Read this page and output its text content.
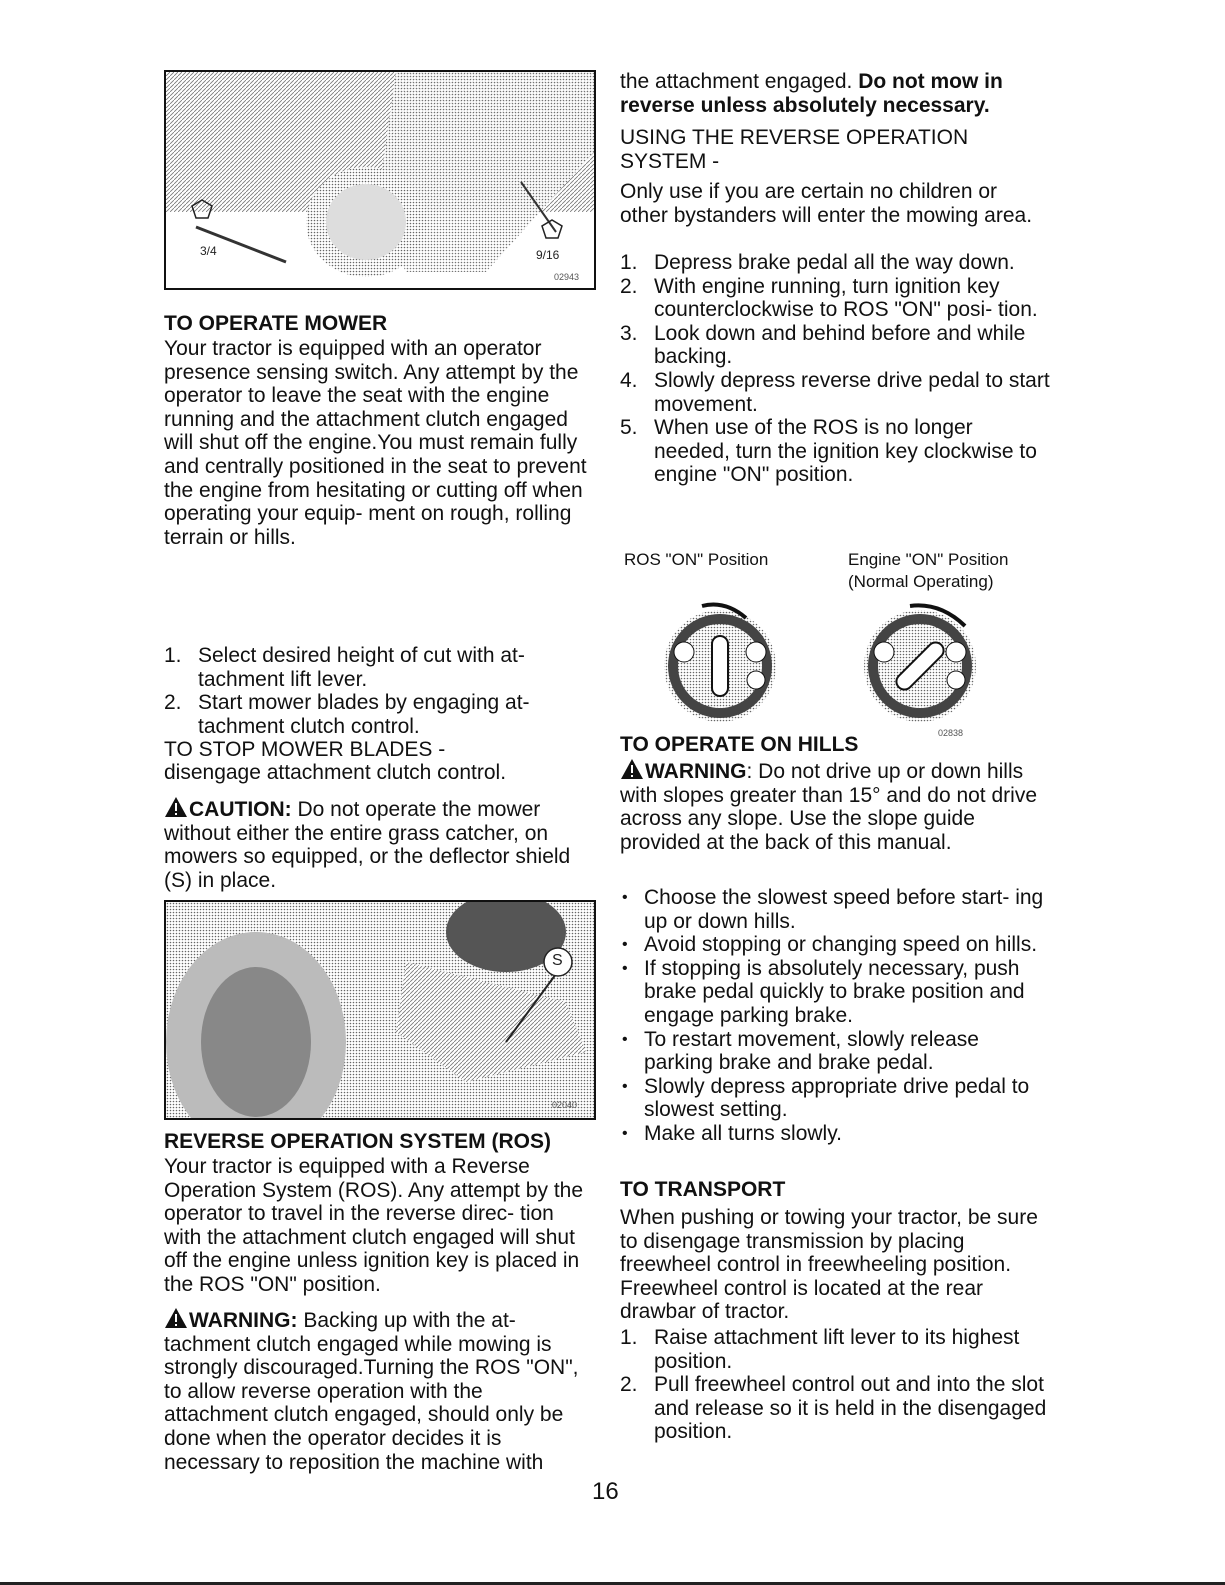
9/16
3/4
02943
TO OPERATE MOWER

Your tractor is equipped with an operator presence sensing switch. Any attempt by the operator to leave the seat with the engine running and the attachment clutch engaged will shut off the engine.You must remain fully and centrally positioned in the seat to prevent the engine from hesitating or cutting off when operating your equip- ment on rough, rolling terrain or hills.

1. Select desired height of cut with at- tachment lift lever.
2. Start mower blades by engaging at- tachment clutch control.

TO STOP MOWER BLADES -

disengage attachment clutch control.

CAUTION: Do not operate the mower without either the entire grass catcher, on mowers so equipped, or the deflector shield (S) in place.

S
02040
REVERSE OPERATION SYSTEM (ROS)

Your tractor is equipped with a Reverse Operation System (ROS). Any attempt by the operator to travel in the reverse direc- tion with the attachment clutch engaged will shut off the engine unless ignition key is placed in the ROS "ON" position.

WARNING: Backing up with the at- tachment clutch engaged while mowing is strongly discouraged.Turning the ROS "ON", to allow reverse operation with the attachment clutch engaged, should only be done when the operator decides it is necessary to reposition the machine with

the attachment engaged. Do not mow in reverse unless absolutely necessary.

USING THE REVERSE OPERATION SYSTEM -

Only use if you are certain no children or other bystanders will enter the mowing area.

1. Depress brake pedal all the way down.
2. With engine running, turn ignition key counterclockwise to ROS "ON" posi- tion.
3. Look down and behind before and while backing.
4. Slowly depress reverse drive pedal to start movement.
5. When use of the ROS is no longer needed, turn the ignition key clockwise to engine "ON" position.
ROS "ON" Position	Engine "ON" Position
(Normal Operating)
02838
TO OPERATE ON HILLS

WARNING: Do not drive up or down hills with slopes greater than 15° and do not drive across any slope. Use the slope guide provided at the back of this manual.

• Choose the slowest speed before start- ing up or down hills.
• Avoid stopping or changing speed on hills.
• If stopping is absolutely necessary, push brake pedal quickly to brake position and engage parking brake.
• To restart movement, slowly release parking brake and brake pedal.
• Slowly depress appropriate drive pedal to slowest setting.
• Make all turns slowly.
TO TRANSPORT

When pushing or towing your tractor, be sure to disengage transmission by placing freewheel control in freewheeling position. Freewheel control is located at the rear drawbar of tractor.

1. Raise attachment lift lever to its highest position.
2. Pull freewheel control out and into the slot and release so it is held in the disengaged position.
16
